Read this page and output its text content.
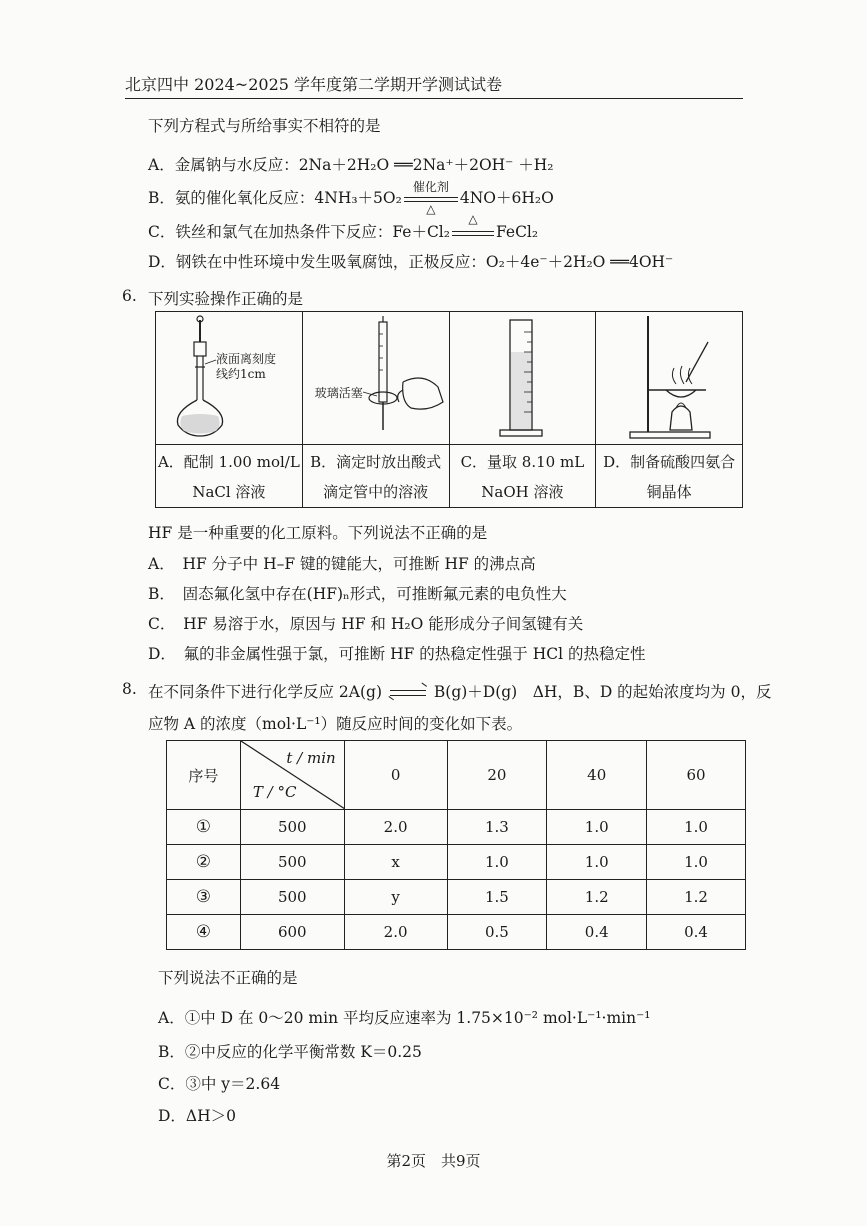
北京四中 2024~2025 学年度第二学期开学测试试卷
下列方程式与所给事实不相符的是
A．金属钠与水反应：2Na＋2H₂O ══2Na⁺＋2OH⁻ ＋H₂
B．氨的催化氧化反应：4NH₃＋5O₂
催化剂
△
4NO＋6H₂O
C．铁丝和氯气在加热条件下反应：Fe＋Cl₂
△
FeCl₂
D．钢铁在中性环境中发生吸氧腐蚀，正极反应：O₂＋4e⁻＋2H₂O ══4OH⁻
6. 下列实验操作正确的是
液面离刻度
线约1cm
A．配制 1.00 mol/L
NaCl 溶液
玻璃活塞
B．滴定时放出酸式
滴定管中的溶液
C．量取 8.10 mL
NaOH 溶液
D．制备硫酸四氨合
铜晶体
HF 是一种重要的化工原料。下列说法不正确的是
A．　HF 分子中 H–F 键的键能大，可推断 HF 的沸点高
B．　固态氟化氢中存在(HF)ₙ形式，可推断氟元素的电负性大
C．　HF 易溶于水，原因与 HF 和 H₂O 能形成分子间氢键有关
D．　氟的非金属性强于氯，可推断 HF 的热稳定性强于 HCl 的热稳定性
8. 在不同条件下进行化学反应 2A(g) ⇌ B(g)＋D(g)　ΔH，B、D 的起始浓度均为 0，反
应物 A 的浓度（mol·L⁻¹）随反应时间的变化如下表。
序号	t / min
T / °C	0	20	40	60
①	500	2.0	1.3	1.0	1.0
②	500	x	1.0	1.0	1.0
③	500	y	1.5	1.2	1.2
④	600	2.0	0.5	0.4	0.4
下列说法不正确的是
A．①中 D 在 0～20 min 平均反应速率为 1.75×10⁻² mol·L⁻¹·min⁻¹
B．②中反应的化学平衡常数 K＝0.25
C．③中 y＝2.64
D．ΔH＞0
第2页　共9页
